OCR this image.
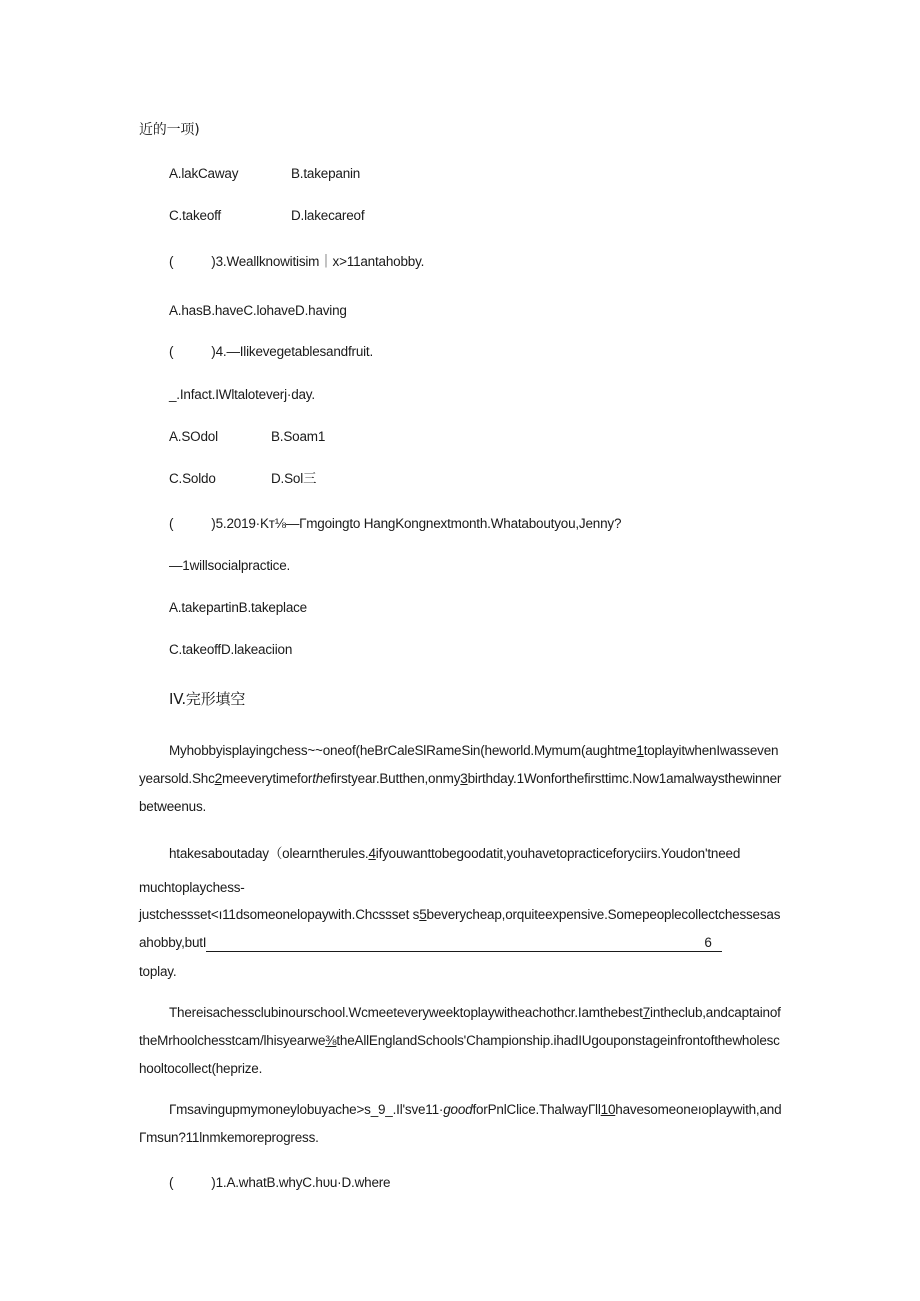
近的一项)
A.lakCaway	B.takepanin
C.takeoff	D.lakecareof
(	)3.Weallknowitisim｜x>11antahobby.
A.hasB.haveC.lohaveD.having
(	)4.—Ilikevegetablesandfruit.
_.Infact.IWltaloteverj·day.
A.SOdol	B.Soam1
C.Soldo	D.Sol三
(	)5.2019·Kт⅛—Гmgoingto HangKongnextmonth.Whataboutyou,Jenny?
—1willsocialpractice.
A.takepartinB.takeplace
C.takeoffD.lakeaciion
IV.完形填空
Myhobbyisplayingchess~~oneof(heBrCaleSlRameSin(heworld.Mymum(aughtme1toplayitwhenIwassevenyearsold.Shc2meeverytimeforthefirstyear.Butthen,onmy3birthday.1Wonforthefirsttimc.Now1amalwaysthewinnerbetweenus.
htakesaboutaday（olearntherules.4ifyouwanttobegoodatit,youhavetopracticeforyciirs.Youdon'tneed
muchtoplaychess-
justchessset<ı11dsomeonelopaywith.Chcssset s5beverycheap,orquiteexpensive.Somepeoplecollectchessesasahobby,butI	6
toplay.
Thereisachessclubinourschool.Wcmeeteveryweektoplaywitheachothcr.Iamthebest7intheclub,andcaptainoftheMrhoolchesstcam/lhisyearwe⅜theAllEnglandSchools'Championship.ihadIUgouponstageinfrontofthewholeschooltocollect(heprize.
Гmsavingupmymoneylobuyache>s_9_.Il'sve11·goodforPnlClice.ThalwayГll10havesomeoneıoplaywith,andГmsun?11lnmkemoreprogress.
(	)1.A.whatB.whyC.hυu·D.where
